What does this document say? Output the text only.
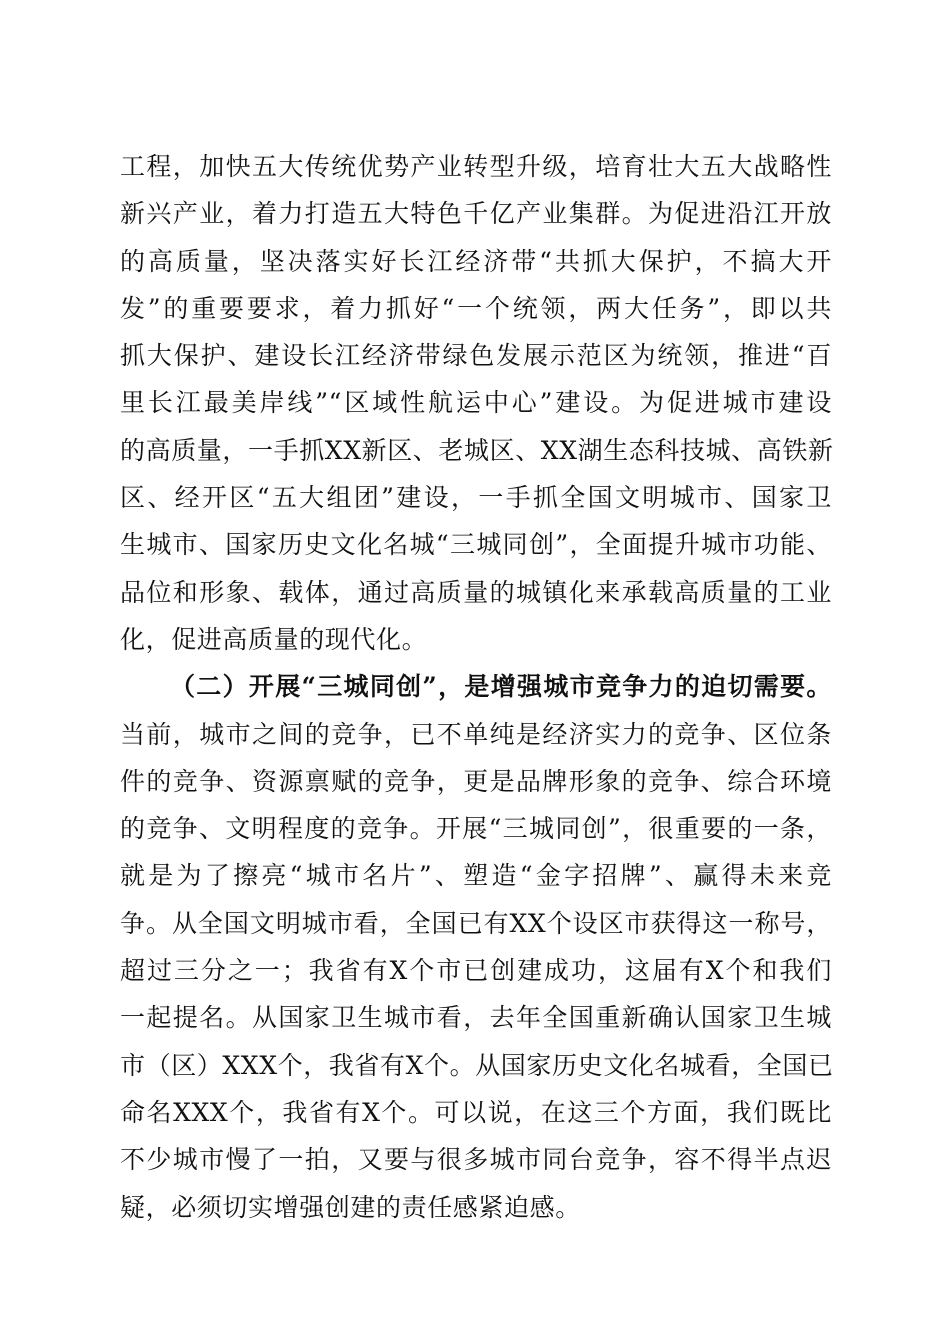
工程，加快五大传统优势产业转型升级，培育壮大五大战略性
新兴产业，着力打造五大特色千亿产业集群。为促进沿江开放
的高质量，坚决落实好长江经济带“共抓大保护，不搞大开
发”的重要要求，着力抓好“一个统领，两大任务”，即以共
抓大保护、建设长江经济带绿色发展示范区为统领，推进“百
里长江最美岸线”“区域性航运中心”建设。为促进城市建设
的高质量，一手抓XX新区、老城区、XX湖生态科技城、高铁新
区、经开区“五大组团”建设，一手抓全国文明城市、国家卫
生城市、国家历史文化名城“三城同创”，全面提升城市功能、
品位和形象、载体，通过高质量的城镇化来承载高质量的工业
化，促进高质量的现代化。
（二）开展“三城同创”，是增强城市竞争力的迫切需要。
当前，城市之间的竞争，已不单纯是经济实力的竞争、区位条
件的竞争、资源禀赋的竞争，更是品牌形象的竞争、综合环境
的竞争、文明程度的竞争。开展“三城同创”，很重要的一条，
就是为了擦亮“城市名片”、塑造“金字招牌”、赢得未来竞
争。从全国文明城市看，全国已有XX个设区市获得这一称号，
超过三分之一；我省有X个市已创建成功，这届有X个和我们
一起提名。从国家卫生城市看，去年全国重新确认国家卫生城
市（区）XXX个，我省有X个。从国家历史文化名城看，全国已
命名XXX个，我省有X个。可以说，在这三个方面，我们既比
不少城市慢了一拍，又要与很多城市同台竞争，容不得半点迟
疑，必须切实增强创建的责任感紧迫感。
